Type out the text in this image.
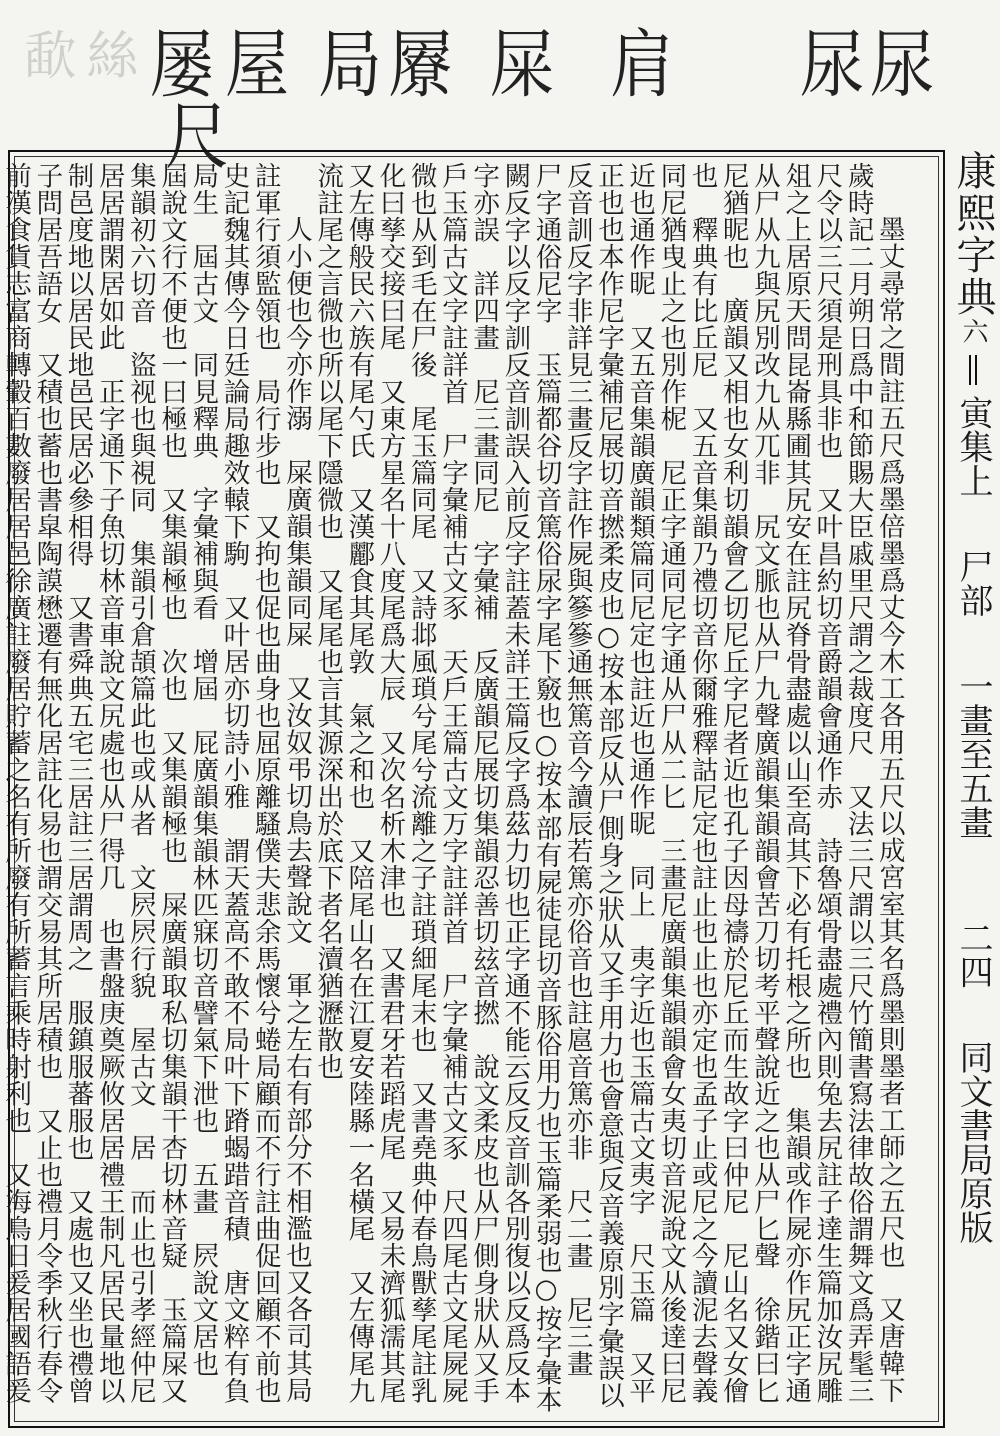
歃 絲 屡 屋 局 屪 屎 肩 尿 尿
尺

墨丈尋常之間註五尺爲墨倍墨爲丈今木工各用五尺以成宮室其名爲墨則墨者工師之五尺也　又唐韓下歲時記二月朔日爲中和節賜大臣戚里尺謂之裁度尺　又法三尺謂以三尺竹簡書寫法律故俗謂舞文爲弄髦三尺令以三尺須是刑具非也　又叶昌約切音爵韻會通作赤　詩魯頌骨盡處禮內則兔去尻註子達生篇加汝尻雕俎之上居原天問昆崙縣圃其尻安在註尻脊骨盡處以山至高其下必有托根之所也　集韻或作屍亦作尻正字通从尸从九與尻別改九从兀非　尻文脈也从尸九聲廣韻集韻韻會苦刀切考平聲說近之也从尸匕聲　徐鍇曰匕尼猶昵也　廣韻又相也女利切韻會乙切尼丘字尼者近也孔子因母禱於尼丘而生故字曰仲尼　尼山名又女儈也　釋典有比丘尼　又五音集韻乃禮切音你爾雅釋詁尼定也註止也止也亦定也孟子止或尼之今讀泥去聲義同尼猶曳止之也別作柅　尼正字通同尼字通从尸从二匕　三畫尼廣韻集韻韻會女夷切音泥說文从後達曰尼近也通作昵　又五音集韻廣韻類篇同尼定也註近也通作昵　同上　夷字近也玉篇古文夷字　尺玉篇　又平正也也本作尼字彙補尼展切音撚柔皮也○按本部反从尸側身之狀从又手用力也會意與反音義原別字彙誤以反音訓反字非詳見三畫反字註作屍與篸篸通無篤音今讀辰若篤亦俗音也註扈音篤亦非　尺二畫　尼三畫　尸字通俗尼字　玉篇都谷切音篤俗尿字尾下竅也○按本部有屍徒昆切音豚俗用力也玉篇柔弱也○按字彙本闕反字以反字訓反音訓誤入前反字註蓋未詳王篇反字爲茲力切也正字通不能云反反音訓各別復以反爲反本字亦誤　詳四畫　尼三畫同尼　字彙補　反廣韻尼展切集韻忍善切玆音撚　說文柔皮也从尸側身狀从又手　戶玉篇古文字註詳首　尸字彙補古文豕　天戶王篇古文万字註詳首　尸字彙補古文豕　尺四尾古文尾屍屍　微也从到毛在尸後　尾玉篇同尾　又詩邶風瑣兮尾兮流離之子註瑣細尾末也　又書堯典仲春鳥獸孳尾註乳化曰孳交接曰尾　又東方星名十八度尾爲大辰　又次名析木津也　又書君牙若蹈虎尾　又易未濟狐濡其尾　又左傳般民六族有尾勺氏　又漢酈食其尾敦　氣之和也　又陪尾山名在江夏安陸縣一名橫尾　又左傳尾九流註尾之言微也所以尾下隱微也　又尾尾也言其源深出於底下者名瀆猶瀝散也
人小便也今亦作溺　屎廣韻集韻同屎　又汝奴弔切鳥去聲說文　軍之左右有部分不相濫也又各司其局註軍行須監領也　局行步也　又拘也促也曲身也屈原離騷僕夫悲余馬懷兮蜷局顧而不行註曲促回顧不前也史記魏其傳今日廷論局趣效轅下駒　又叶居亦切詩小雅　謂天蓋高不敢不局叶下蹐蝎踖音積　唐文粹有負局生　屆古文　同見釋典　字彙補與看　增屆　屁廣韻集韻林匹寐切音譬氣下泄也　五畫　屄說文居也　屆說文行不便也一曰極也　又集韻極也　次也　又集韻極也　屎廣韻取私切集韻干杏切林音疑　玉篇屎又集韻初六切音　盜视也與視同　集韻引倉頡篇此也或从者　文屄屄行貌　屋古文　居　而止也引孝經仲尼居居謂閑居如此　正字通下子魚切林音車說文尻處也从尸得几　也書盤庚奠厥攸居居禮王制凡居民量地以制邑度地以居民地邑民居必參相得　又書舜典五宅三居註三居謂周之　服鎮服蕃服也　又處也又坐也禮曾子問居吾語女　又積也蓄也書皐陶謨懋遷有無化居註化易也謂交易其所居積也　又止也禮月令季秋行春令　前漢食貨志富商轉轂百數廢居居邑徐廣註廢居貯蓄之名有所廢有所蓄言乘時射利也　又海鳥日爰居國語爰　　

康熙字典六  寅集上  尸部  一畫至五畫  二四  同文書局原版
